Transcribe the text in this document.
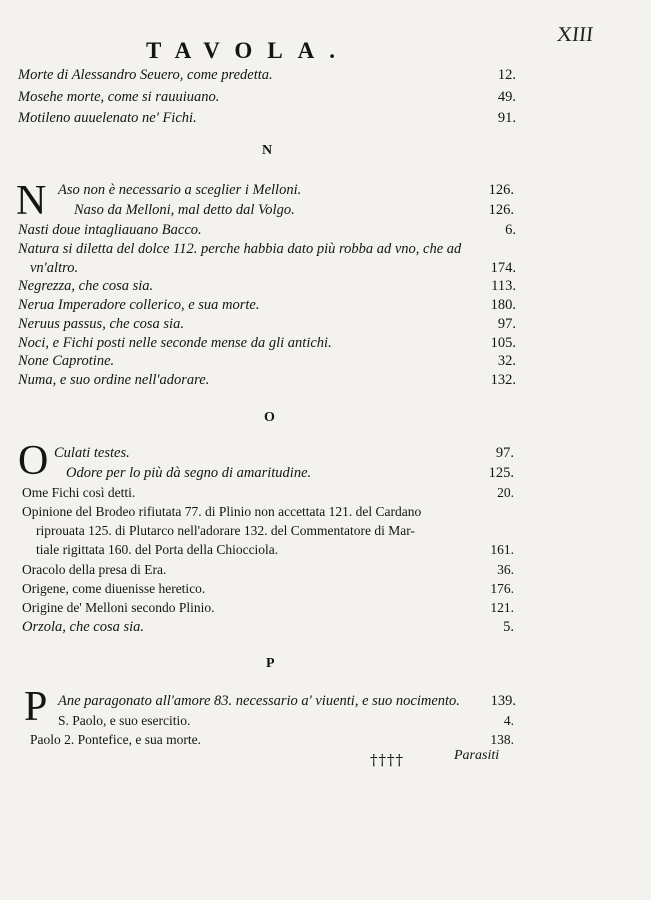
XIII
TAVOLA.
Morte di Alessandro Seuero, come predetta.	12.
Mosehe morte, come si rauuiuano.	49.
Motileno auuelenato ne' Fichi.	91.
N
N Aso non è necessario a sceglier i Melloni.	126.
Naso da Melloni, mal detto dal Volgo.	126.
Nasti doue intagliauano Bacco.	6.
Natura si diletta del dolce 112. perche habbia dato più robba ad vno, che ad
vn'altro.	174.
Negrezza, che cosa sia.	113.
Nerua Imperadore collerico, e sua morte.	180.
Neruus passus, che cosa sia.	97.
Noci, e Fichi posti nelle seconde mense da gli antichi.	105.
None Caprotine.	32.
Numa, e suo ordine nell'adorare.	132.
O
O Culati testes.	97.
Odore per lo più dà segno di amaritudine.	125.
Ome Fichi così detti.	20.
Opinione del Brodeo rifiutata 77. di Plinio non accettata 121. del Cardano
riprouata 125. di Plutarco nell'adorare 132. del Commentatore di Mar-
tiale rigittata 160. del Porta della Chiocciola.	161.
Oracolo della presa di Era.	36.
Origene, come diuenisse heretico.	176.
Origine de' Melloni secondo Plinio.	121.
Orzola, che cosa sia.	5.
P
P Ane paragonato all'amore 83. necessario a' viuenti, e suo nocimento. 139.
S. Paolo, e suo esercitio.	4.
Paolo 2. Pontefice, e sua morte.	138.
††††	Parasiti
